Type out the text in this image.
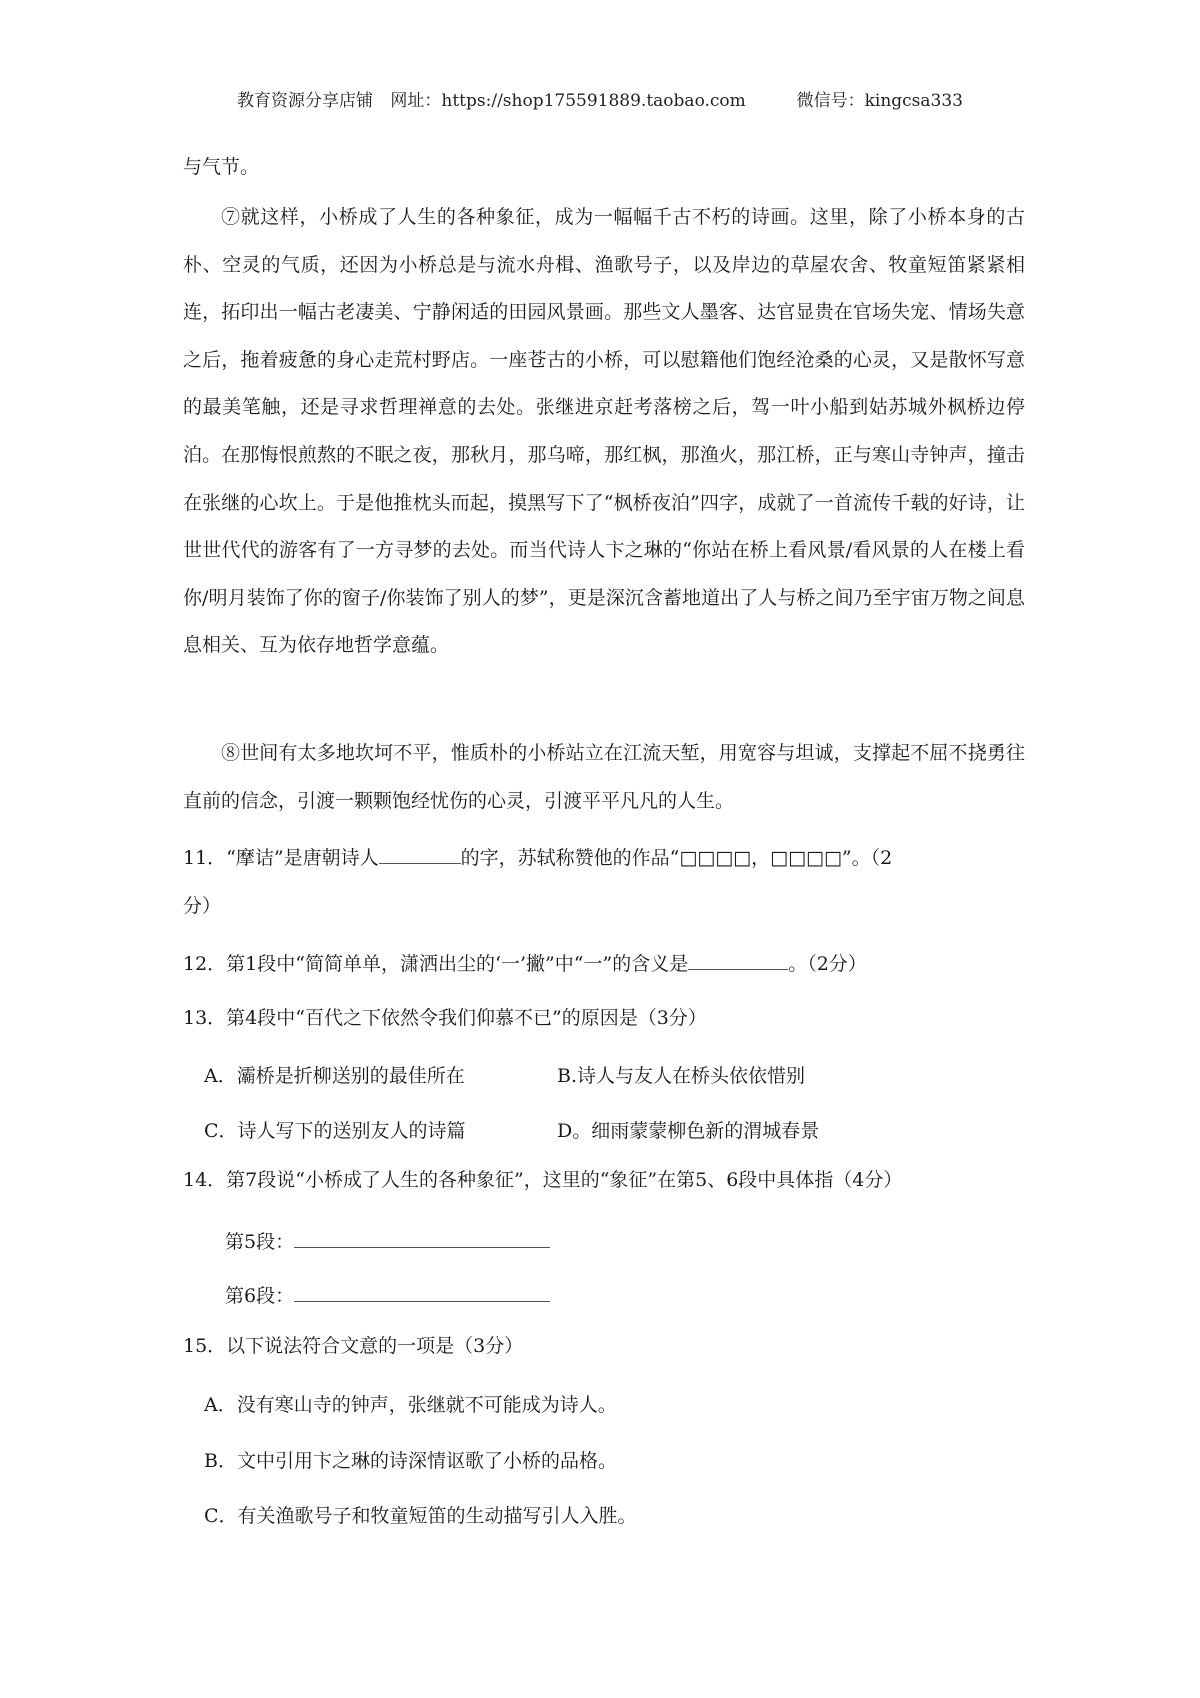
教育资源分享店铺 网址：https://shop175591889.taobao.com	微信号：kingcsa333
与气节。

⑦就这样，小桥成了人生的各种象征，成为一幅幅千古不朽的诗画。这里，除了小桥本身的古朴、空灵的气质，还因为小桥总是与流水舟楫、渔歌号子，以及岸边的草屋农舍、牧童短笛紧紧相连，拓印出一幅古老凄美、宁静闲适的田园风景画。那些文人墨客、达官显贵在官场失宠、情场失意之后，拖着疲惫的身心走荒村野店。一座苍古的小桥，可以慰籍他们饱经沧桑的心灵，又是散怀写意的最美笔触，还是寻求哲理禅意的去处。张继进京赶考落榜之后，驾一叶小船到姑苏城外枫桥边停泊。在那悔恨煎熬的不眠之夜，那秋月，那乌啼，那红枫，那渔火，那江桥，正与寒山寺钟声，撞击在张继的心坎上。于是他推枕头而起，摸黑写下了“枫桥夜泊”四字，成就了一首流传千载的好诗，让世世代代的游客有了一方寻梦的去处。而当代诗人卞之琳的“你站在桥上看风景/看风景的人在楼上看你/明月装饰了你的窗子/你装饰了别人的梦”，更是深沉含蓄地道出了人与桥之间乃至宇宙万物之间息息相关、互为依存地哲学意蕴。

⑧世间有太多地坎坷不平，惟质朴的小桥站立在江流天堑，用宽容与坦诚，支撑起不屈不挠勇往直前的信念，引渡一颗颗饱经忧伤的心灵，引渡平平凡凡的人生。

11．“摩诘”是唐朝诗人	的字，苏轼称赞他的作品“□□□□，□□□□”。（2
分）
12．第1段中“简简单单，潇洒出尘的‘一’撇”中“一”的含义是	。（2分）
13．第4段中“百代之下依然令我们仰慕不已”的原因是（3分）
A．灞桥是折柳送别的最佳所在	B.诗人与友人在桥头依依惜别
C．诗人写下的送别友人的诗篇	D。细雨蒙蒙柳色新的渭城春景
14．第7段说“小桥成了人生的各种象征”，这里的“象征”在第5、6段中具体指（4分）
第5段：
第6段：
15．以下说法符合文意的一项是（3分）
A．没有寒山寺的钟声，张继就不可能成为诗人。
B．文中引用卞之琳的诗深情讴歌了小桥的品格。
C．有关渔歌号子和牧童短笛的生动描写引人入胜。
